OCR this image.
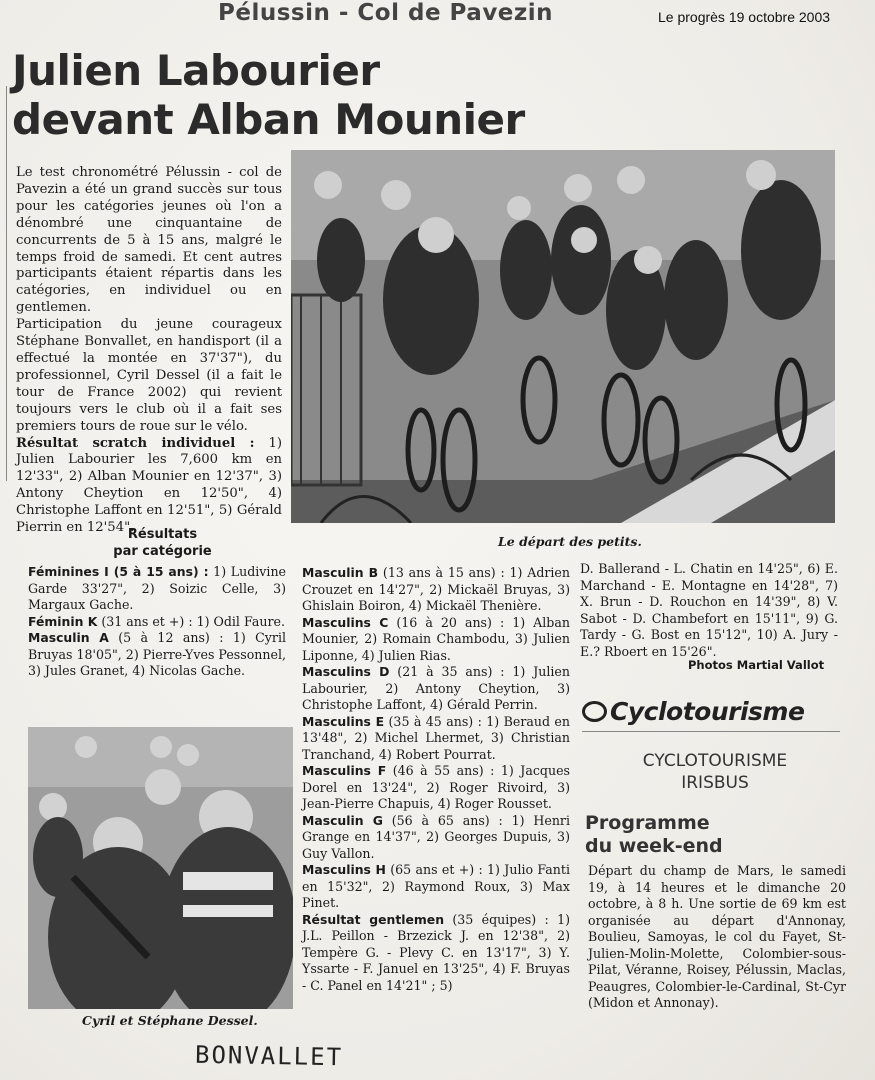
Pélussin - Col de Pavezin	Le progrès 19 octobre 2003
Julien Labourier
devant Alban Mounier

Le test chronométré Pélussin - col de Pavezin a été un grand succès sur tous pour les catégories jeunes où l'on a dénombré une cinquantaine de concurrents de 5 à 15 ans, malgré le temps froid de samedi. Et cent autres participants étaient répartis dans les catégories, en individuel ou en gentlemen.

Participation du jeune courageux Stéphane Bonvallet, en handisport (il a effectué la montée en 37'37"), du professionnel, Cyril Dessel (il a fait le tour de France 2002) qui revient toujours vers le club où il a fait ses premiers tours de roue sur le vélo.

Résultat scratch individuel : 1) Julien Labourier les 7,600 km en 12'33", 2) Alban Mounier en 12'37", 3) Antony Cheytion en 12'50", 4) Christophe Laffont en 12'51", 5) Gérald Pierrin en 12'54".

Le départ des petits.
Résultats
par catégorie

Féminines I (5 à 15 ans) : 1) Ludivine Garde 33'27", 2) Soizic Celle, 3) Margaux Gache.

Féminin K (31 ans et +) : 1) Odil Faure.

Masculin A (5 à 12 ans) : 1) Cyril Bruyas 18'05", 2) Pierre-Yves Pessonnel, 3) Jules Granet, 4) Nicolas Gache.

Cyril et Stéphane Dessel.

Masculin B (13 ans à 15 ans) : 1) Adrien Crouzet en 14'27", 2) Mickaël Bruyas, 3) Ghislain Boiron, 4) Mickaël Thenière.

Masculins C (16 à 20 ans) : 1) Alban Mounier, 2) Romain Chambodu, 3) Julien Liponne, 4) Julien Rias.

Masculins D (21 à 35 ans) : 1) Julien Labourier, 2) Antony Cheytion, 3) Christophe Laffont, 4) Gérald Perrin.

Masculins E (35 à 45 ans) : 1) Beraud en 13'48", 2) Michel Lhermet, 3) Christian Tranchand, 4) Robert Pourrat.

Masculins F (46 à 55 ans) : 1) Jacques Dorel en 13'24", 2) Roger Rivoird, 3) Jean-Pierre Chapuis, 4) Roger Rousset.

Masculin G (56 à 65 ans) : 1) Henri Grange en 14'37", 2) Georges Dupuis, 3) Guy Vallon.

Masculins H (65 ans et +) : 1) Julio Fanti en 15'32", 2) Raymond Roux, 3) Max Pinet.

Résultat gentlemen (35 équipes) : 1) J.L. Peillon - Brzezick J. en 12'38", 2) Tempère G. - Plevy C. en 13'17", 3) Y. Yssarte - F. Januel en 13'25", 4) F. Bruyas - C. Panel en 14'21" ; 5)

D. Ballerand - L. Chatin en 14'25", 6) E. Marchand - E. Montagne en 14'28", 7) X. Brun - D. Rouchon en 14'39", 8) V. Sabot - D. Chambefort en 15'11", 9) G. Tardy - G. Bost en 15'12", 10) A. Jury - E.? Rboert en 15'26".

Photos Martial Vallot
Cyclotourisme
CYCLOTOURISME
IRISBUS
Programme
du week-end
Départ du champ de Mars, le samedi 19, à 14 heures et le dimanche 20 octobre, à 8 h. Une sortie de 69 km est organisée au départ d'Annonay, Boulieu, Samoyas, le col du Fayet, St-Julien-Molin-Molette, Colombier-sous-Pilat, Véranne, Roisey, Pélussin, Maclas, Peaugres, Colombier-le-Cardinal, St-Cyr (Midon et Annonay).
BONVALLET
